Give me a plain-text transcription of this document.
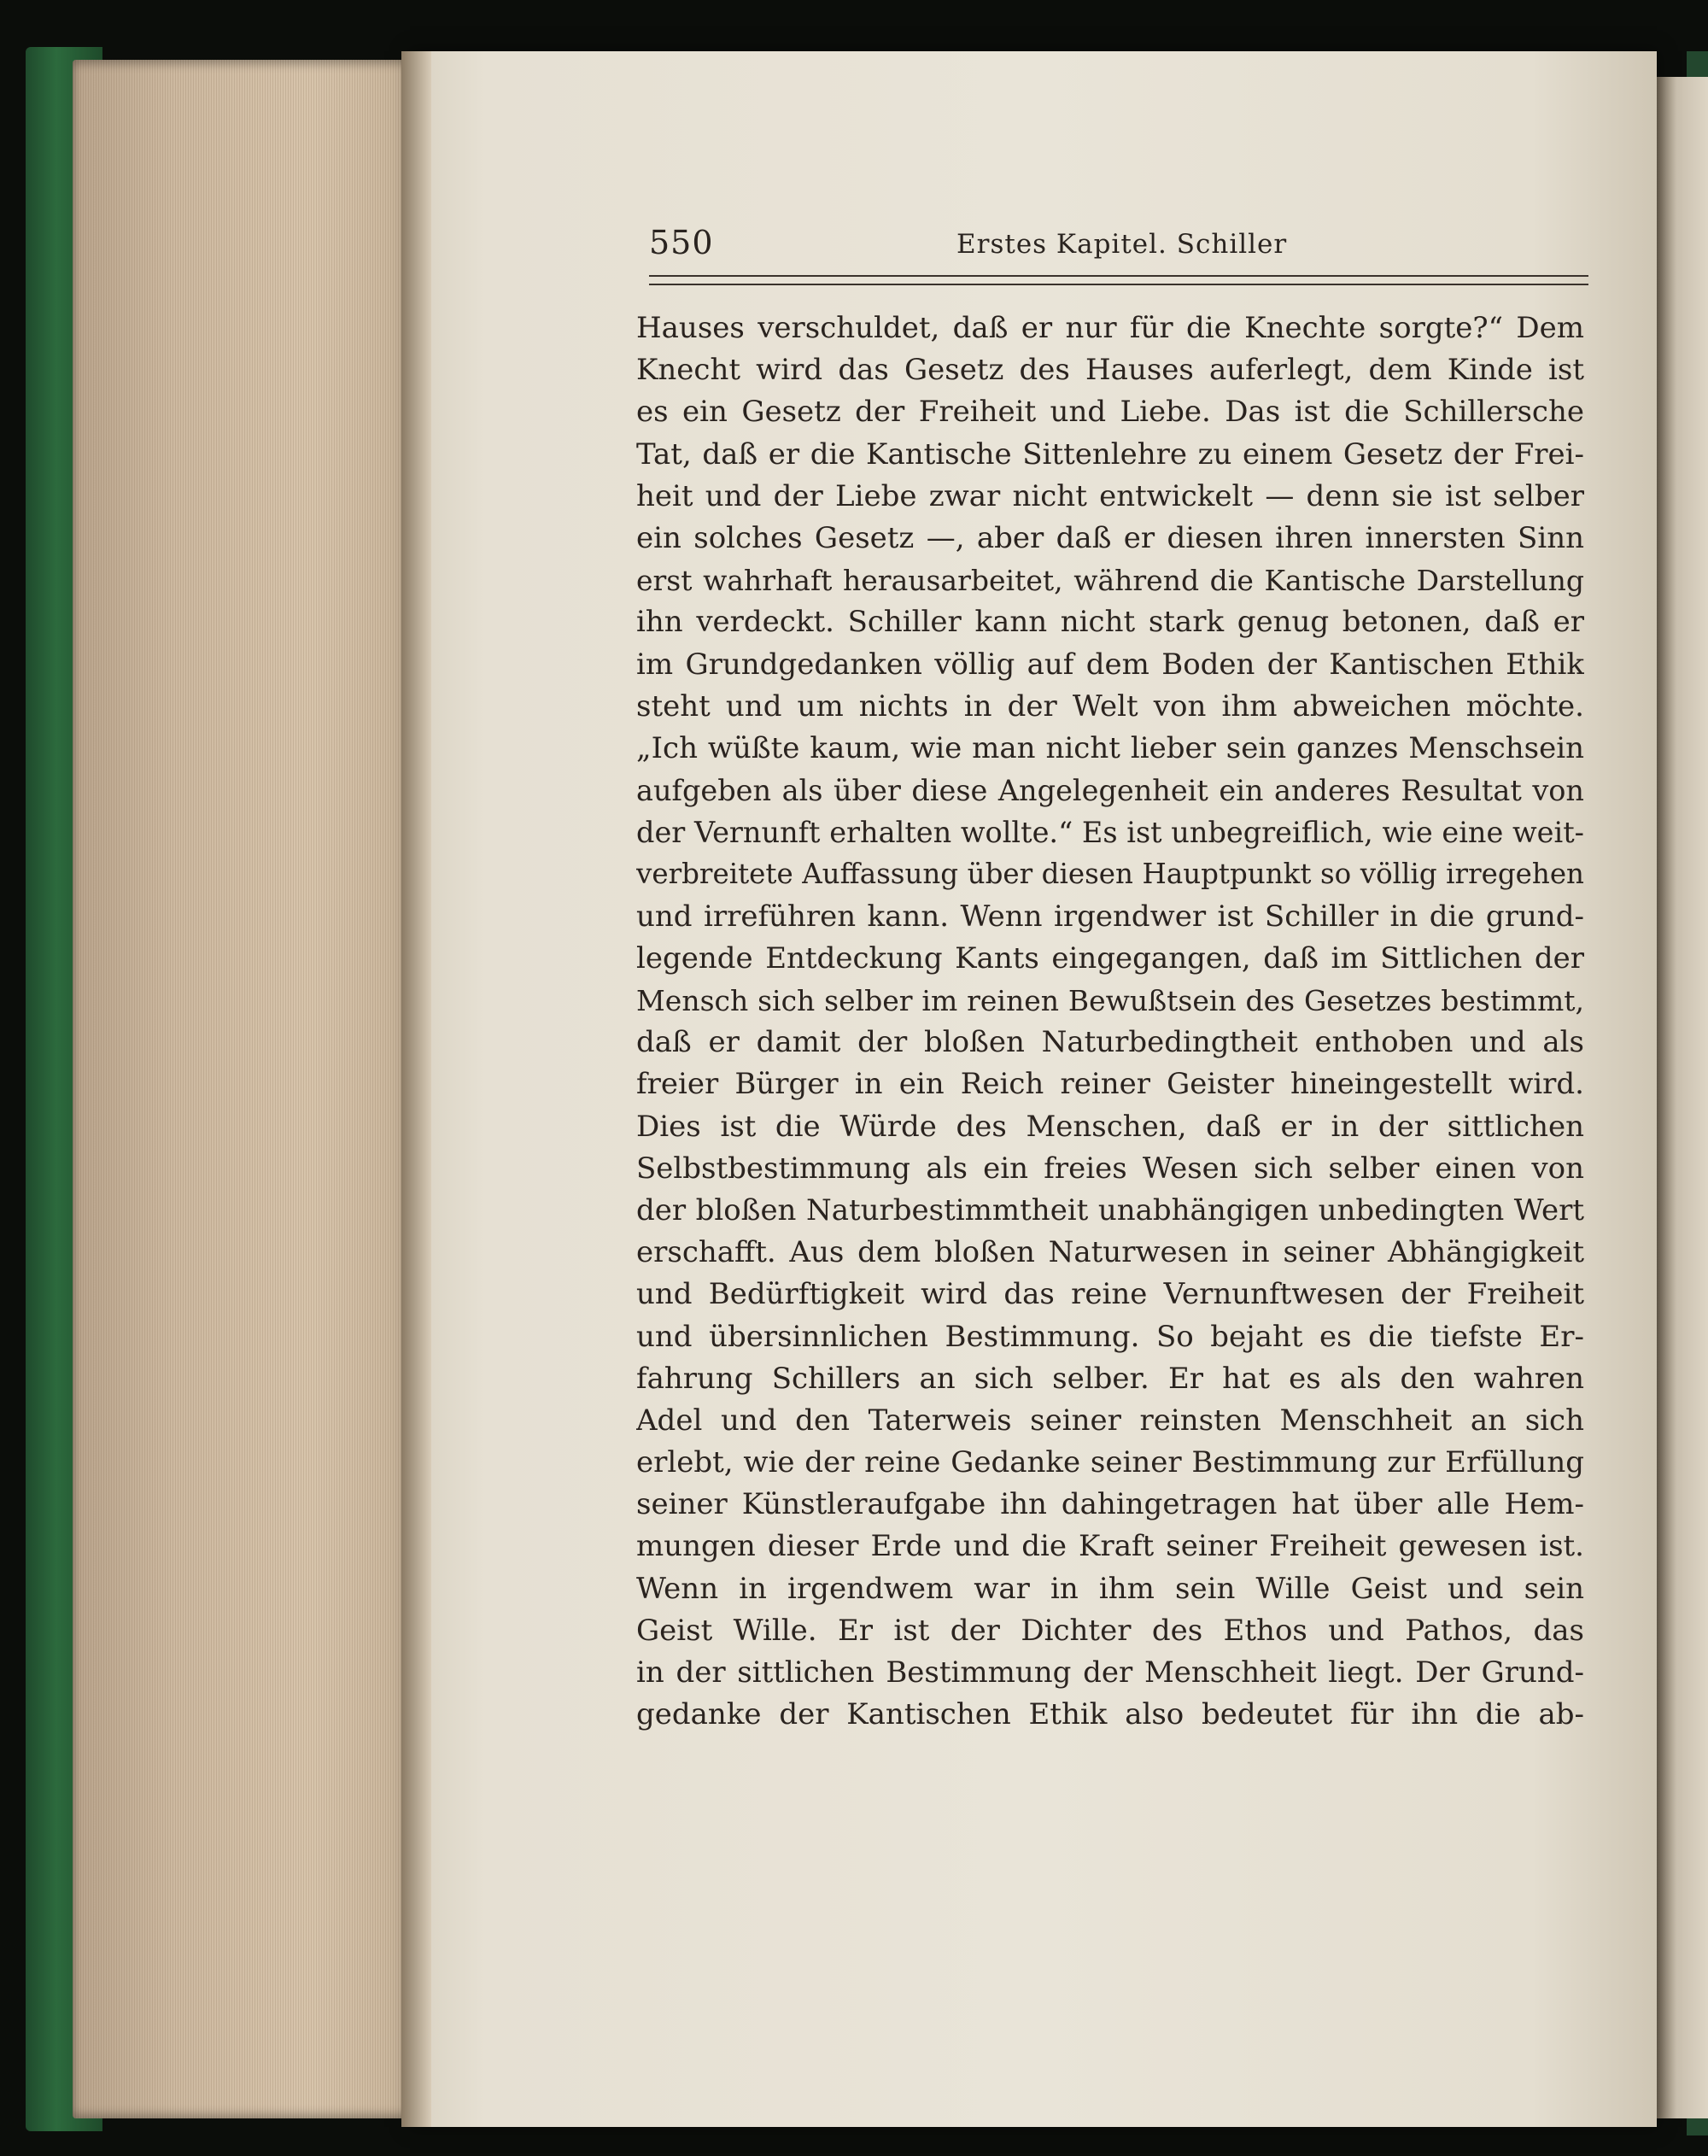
550	Erstes Kapitel. Schiller
Hauses verschuldet, daß er nur für die Knechte sorgte?“ Dem
Knecht wird das Gesetz des Hauses auferlegt, dem Kinde ist
es ein Gesetz der Freiheit und Liebe. Das ist die Schillersche
Tat, daß er die Kantische Sittenlehre zu einem Gesetz der Frei-
heit und der Liebe zwar nicht entwickelt — denn sie ist selber
ein solches Gesetz —, aber daß er diesen ihren innersten Sinn
erst wahrhaft herausarbeitet, während die Kantische Darstellung
ihn verdeckt. Schiller kann nicht stark genug betonen, daß er
im Grundgedanken völlig auf dem Boden der Kantischen Ethik
steht und um nichts in der Welt von ihm abweichen möchte.
„Ich wüßte kaum, wie man nicht lieber sein ganzes Menschsein
aufgeben als über diese Angelegenheit ein anderes Resultat von
der Vernunft erhalten wollte.“ Es ist unbegreiflich, wie eine weit-
verbreitete Auffassung über diesen Hauptpunkt so völlig irregehen
und irreführen kann. Wenn irgendwer ist Schiller in die grund-
legende Entdeckung Kants eingegangen, daß im Sittlichen der
Mensch sich selber im reinen Bewußtsein des Gesetzes bestimmt,
daß er damit der bloßen Naturbedingtheit enthoben und als
freier Bürger in ein Reich reiner Geister hineingestellt wird.
Dies ist die Würde des Menschen, daß er in der sittlichen
Selbstbestimmung als ein freies Wesen sich selber einen von
der bloßen Naturbestimmtheit unabhängigen unbedingten Wert
erschafft. Aus dem bloßen Naturwesen in seiner Abhängigkeit
und Bedürftigkeit wird das reine Vernunftwesen der Freiheit
und übersinnlichen Bestimmung. So bejaht es die tiefste Er-
fahrung Schillers an sich selber. Er hat es als den wahren
Adel und den Taterweis seiner reinsten Menschheit an sich
erlebt, wie der reine Gedanke seiner Bestimmung zur Erfüllung
seiner Künstleraufgabe ihn dahingetragen hat über alle Hem-
mungen dieser Erde und die Kraft seiner Freiheit gewesen ist.
Wenn in irgendwem war in ihm sein Wille Geist und sein
Geist Wille. Er ist der Dichter des Ethos und Pathos, das
in der sittlichen Bestimmung der Menschheit liegt. Der Grund-
gedanke der Kantischen Ethik also bedeutet für ihn die ab-
